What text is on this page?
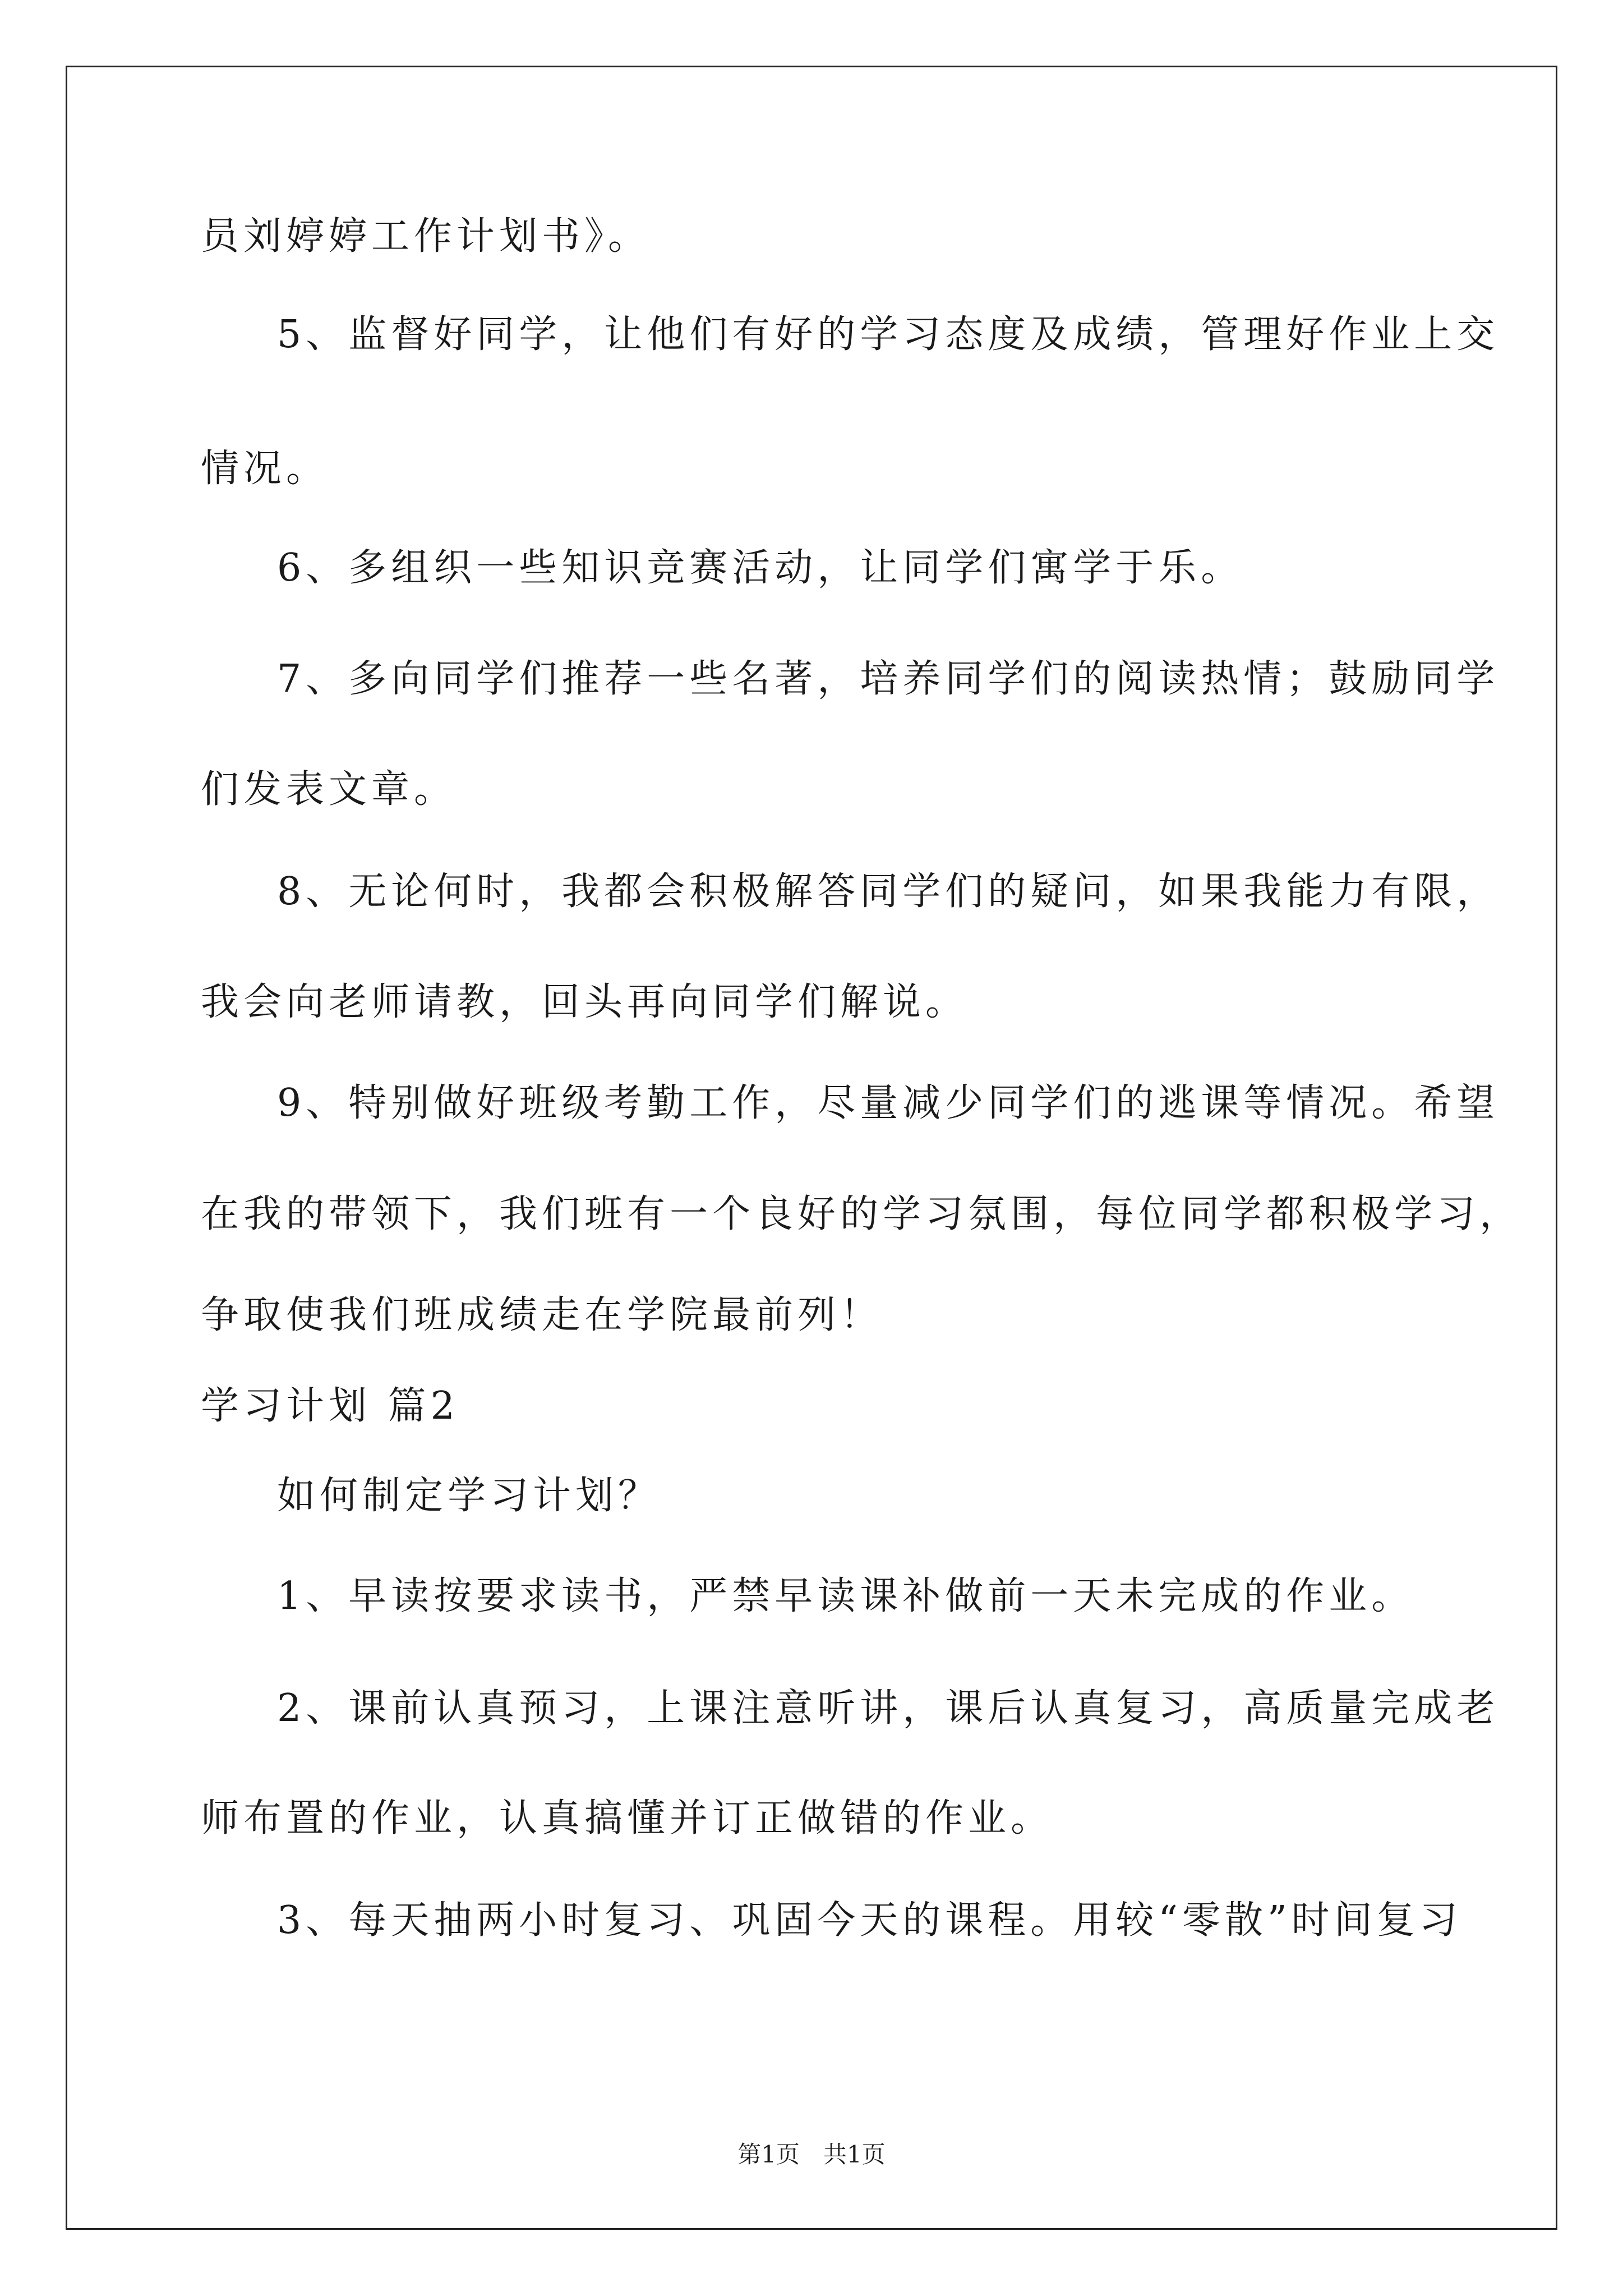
员刘婷婷工作计划书》。
5、监督好同学，让他们有好的学习态度及成绩，管理好作业上交
情况。
6、多组织一些知识竞赛活动，让同学们寓学于乐。
7、多向同学们推荐一些名著，培养同学们的阅读热情；鼓励同学
们发表文章。
8、无论何时，我都会积极解答同学们的疑问，如果我能力有限，
我会向老师请教，回头再向同学们解说。
9、特别做好班级考勤工作，尽量减少同学们的逃课等情况。希望
在我的带领下，我们班有一个良好的学习氛围，每位同学都积极学习，
争取使我们班成绩走在学院最前列！
学习计划 篇2
如何制定学习计划？
1、早读按要求读书，严禁早读课补做前一天未完成的作业。
2、课前认真预习，上课注意听讲，课后认真复习，高质量完成老
师布置的作业，认真搞懂并订正做错的作业。
3、每天抽两小时复习、巩固今天的课程。用较“零散”时间复习
第1页　共1页
